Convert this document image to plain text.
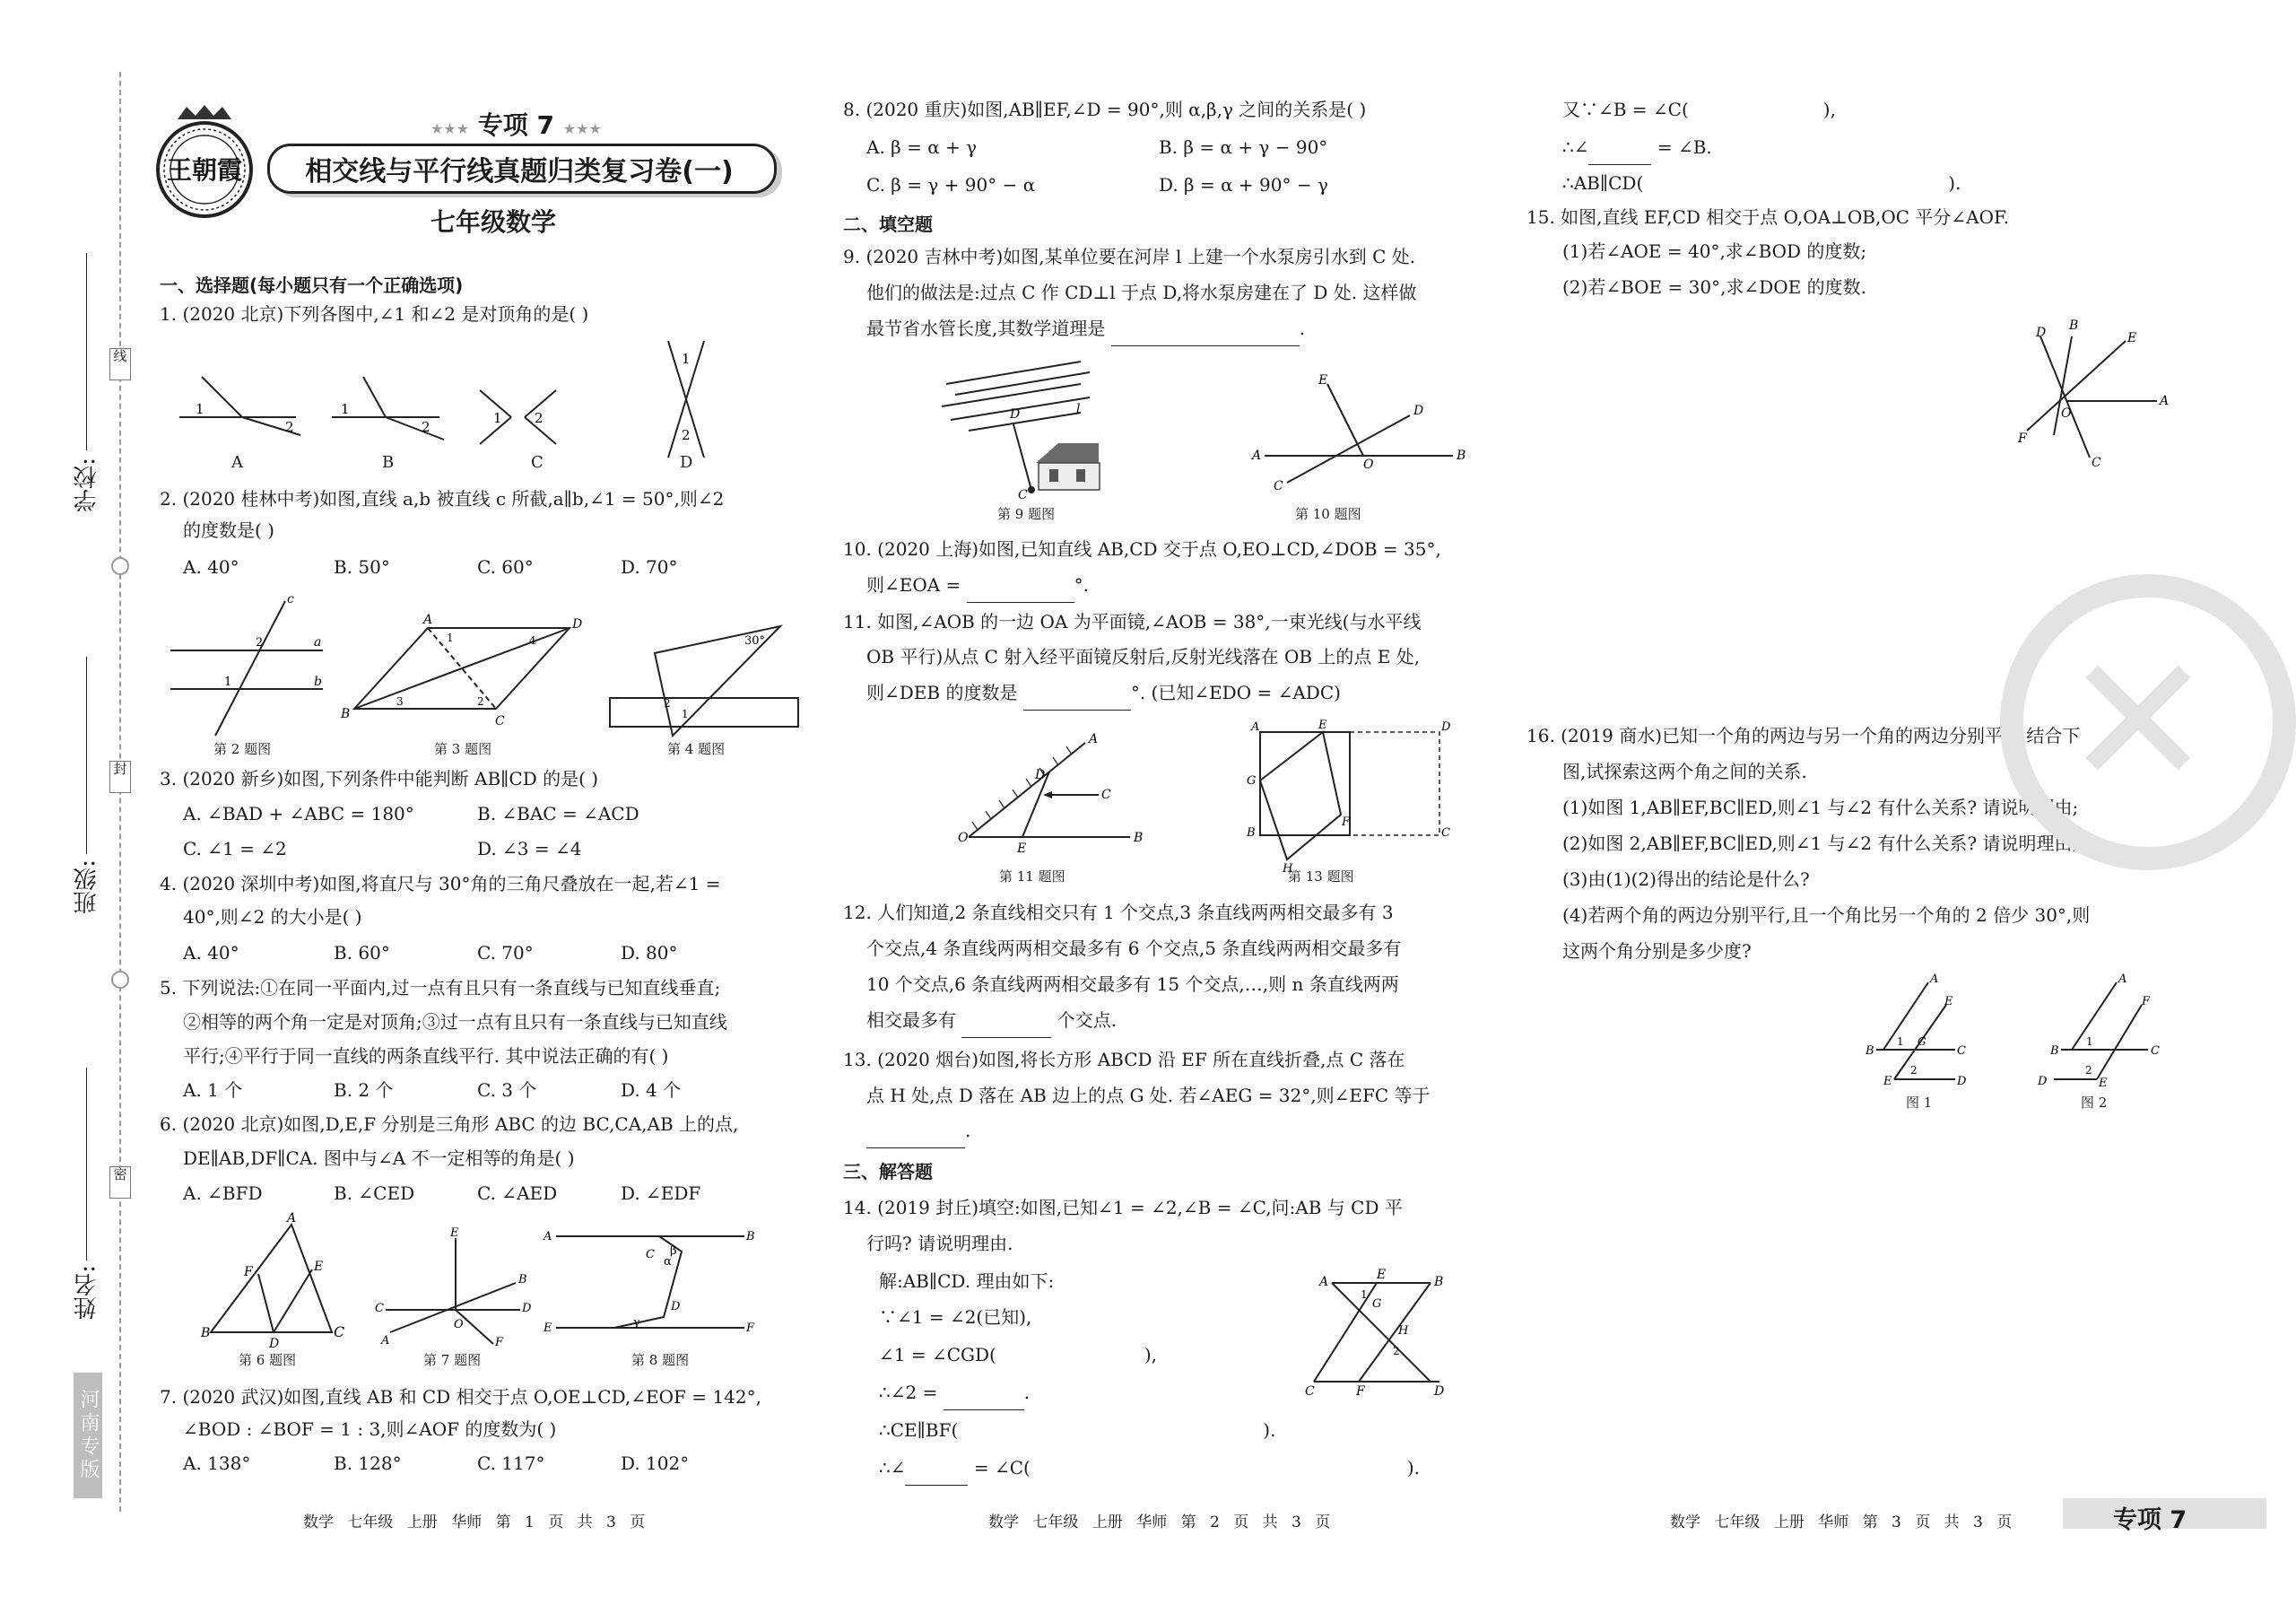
线
封
密
学校:
班级:
姓名:
河南专版
王朝霞
★★★ 专项 7 ★★★
相交线与平行线真题归类复习卷(一)
七年级数学
一、选择题(每小题只有一个正确选项)
1. (2020 北京)下列各图中,∠1 和∠2 是对顶角的是( )
1
2
1
2
1 2
1
2
A	B	C	D
2. (2020 桂林中考)如图,直线 a,b 被直线 c 所截,a∥b,∠1 = 50°,则∠2
的度数是( )
A. 40°	B. 50°	C. 60°	D. 70°
c
a
b
2
1
A	D
B	C
1	4
3	2
30°
2
1
第 2 题图	第 3 题图	第 4 题图
3. (2020 新乡)如图,下列条件中能判断 AB∥CD 的是( )
A. ∠BAD + ∠ABC = 180°	B. ∠BAC = ∠ACD
C. ∠1 = ∠2	D. ∠3 = ∠4
4. (2020 深圳中考)如图,将直尺与 30°角的三角尺叠放在一起,若∠1 =
40°,则∠2 的大小是( )
A. 40°	B. 60°	C. 70°	D. 80°
5. 下列说法:①在同一平面内,过一点有且只有一条直线与已知直线垂直;
②相等的两个角一定是对顶角;③过一点有且只有一条直线与已知直线
平行;④平行于同一直线的两条直线平行. 其中说法正确的有( )
A. 1 个	B. 2 个	C. 3 个	D. 4 个
6. (2020 北京)如图,D,E,F 分别是三角形 ABC 的边 BC,CA,AB 上的点,
DE∥AB,DF∥CA. 图中与∠A 不一定相等的角是( )
A. ∠BFD	B. ∠CED	C. ∠AED	D. ∠EDF
A
F	E
B
D
C
E
C	D
B
A
O
F
A	B
E	F
C
D
β
α
γ
第 6 题图	第 7 题图	第 8 题图
7. (2020 武汉)如图,直线 AB 和 CD 相交于点 O,OE⊥CD,∠EOF = 142°,
∠BOD : ∠BOF = 1 : 3,则∠AOF 的度数为( )
A. 138°	B. 128°	C. 117°	D. 102°
8. (2020 重庆)如图,AB∥EF,∠D = 90°,则 α,β,γ 之间的关系是( )
A. β = α + γ	B. β = α + γ − 90°
C. β = γ + 90° − α	D. β = α + 90° − γ
二、填空题
9. (2020 吉林中考)如图,某单位要在河岸 l 上建一个水泵房引水到 C 处.
他们的做法是:过点 C 作 CD⊥l 于点 D,将水泵房建在了 D 处. 这样做
最节省水管长度,其数学道理是	.
l
D
C
E
D
A	B
O
C
第 9 题图	第 10 题图
10. (2020 上海)如图,已知直线 AB,CD 交于点 O,EO⊥CD,∠DOB = 35°,
则∠EOA =	°.
11. 如图,∠AOB 的一边 OA 为平面镜,∠AOB = 38°,一束光线(与水平线
OB 平行)从点 C 射入经平面镜反射后,反射光线落在 OB 上的点 E 处,
则∠DEB 的度数是	°. (已知∠EDO = ∠ADC)
O
A
D
C
E
B
A	E	D
G
B
F
C
H
第 11 题图	第 13 题图
12. 人们知道,2 条直线相交只有 1 个交点,3 条直线两两相交最多有 3
个交点,4 条直线两两相交最多有 6 个交点,5 条直线两两相交最多有
10 个交点,6 条直线两两相交最多有 15 个交点,…,则 n 条直线两两
相交最多有	个交点.
13. (2020 烟台)如图,将长方形 ABCD 沿 EF 所在直线折叠,点 C 落在
点 H 处,点 D 落在 AB 边上的点 G 处. 若∠AEG = 32°,则∠EFC 等于
.
三、解答题
14. (2019 封丘)填空:如图,已知∠1 = ∠2,∠B = ∠C,问:AB 与 CD 平
行吗? 请说明理由.
解:AB∥CD. 理由如下:
∵∠1 = ∠2(已知),
∠1 = ∠CGD(	),
∴∠2 =	.
∴CE∥BF(	).
∴∠	= ∠C(	).
A	E	B
C	F	D
G
H
1
2
又∵∠B = ∠C(	),
∴∠	= ∠B.
∴AB∥CD(	).
15. 如图,直线 EF,CD 相交于点 O,OA⊥OB,OC 平分∠AOF.
(1)若∠AOE = 40°,求∠BOD 的度数;
(2)若∠BOE = 30°,求∠DOE 的度数.
B
D	E
A
O
F
C
16. (2019 商水)已知一个角的两边与另一个角的两边分别平行,结合下
图,试探索这两个角之间的关系.
(1)如图 1,AB∥EF,BC∥ED,则∠1 与∠2 有什么关系? 请说明理由;
(2)如图 2,AB∥EF,BC∥ED,则∠1 与∠2 有什么关系? 请说明理由;
(3)由(1)(2)得出的结论是什么?
(4)若两个角的两边分别平行,且一个角比另一个角的 2 倍少 30°,则
这两个角分别是多少度?
A
B	C
E
G
E	D
1
2
A
B	C
F
D	E
1
2
图 1	图 2
✕
数学 七年级 上册 华师 第 1 页 共 3 页	数学 七年级 上册 华师 第 2 页 共 3 页	数学 七年级 上册 华师 第 3 页 共 3 页	专项 7
